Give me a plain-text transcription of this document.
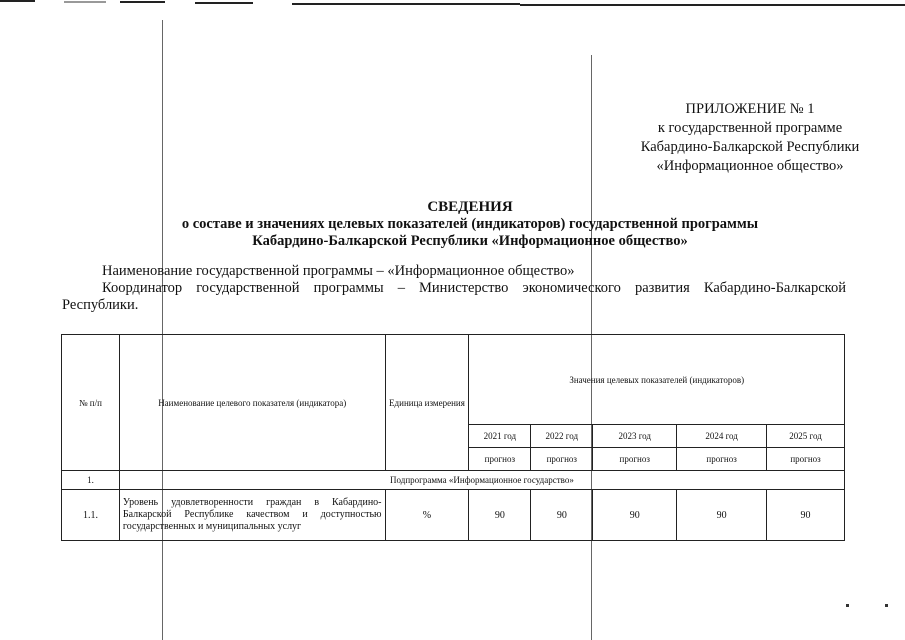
ПРИЛОЖЕНИЕ № 1
к государственной программе
Кабардино-Балкарской Республики
«Информационное общество»
СВЕДЕНИЯ
о составе и значениях целевых показателей (индикаторов) государственной программы
Кабардино-Балкарской Республики «Информационное общество»

Наименование государственной программы – «Информационное общество»

Координатор государственной программы – Министерство экономического развития Кабардино-Балкарской

Республики.
№ п/п	Наименование целевого показателя (индикатора)	Единица измерения	Значения целевых показателей (индикаторов)				
			2021 год	2022 год	2023 год	2024 год	2025 год
			прогноз	прогноз	прогноз	прогноз	прогноз
1.	Подпрограмма «Информационное государство»						
1.1.	Уровень удовлетворенности граждан в Кабардино-Балкарской Республике качеством и доступностью государственных и муниципальных услуг	%	90	90	90	90	90
